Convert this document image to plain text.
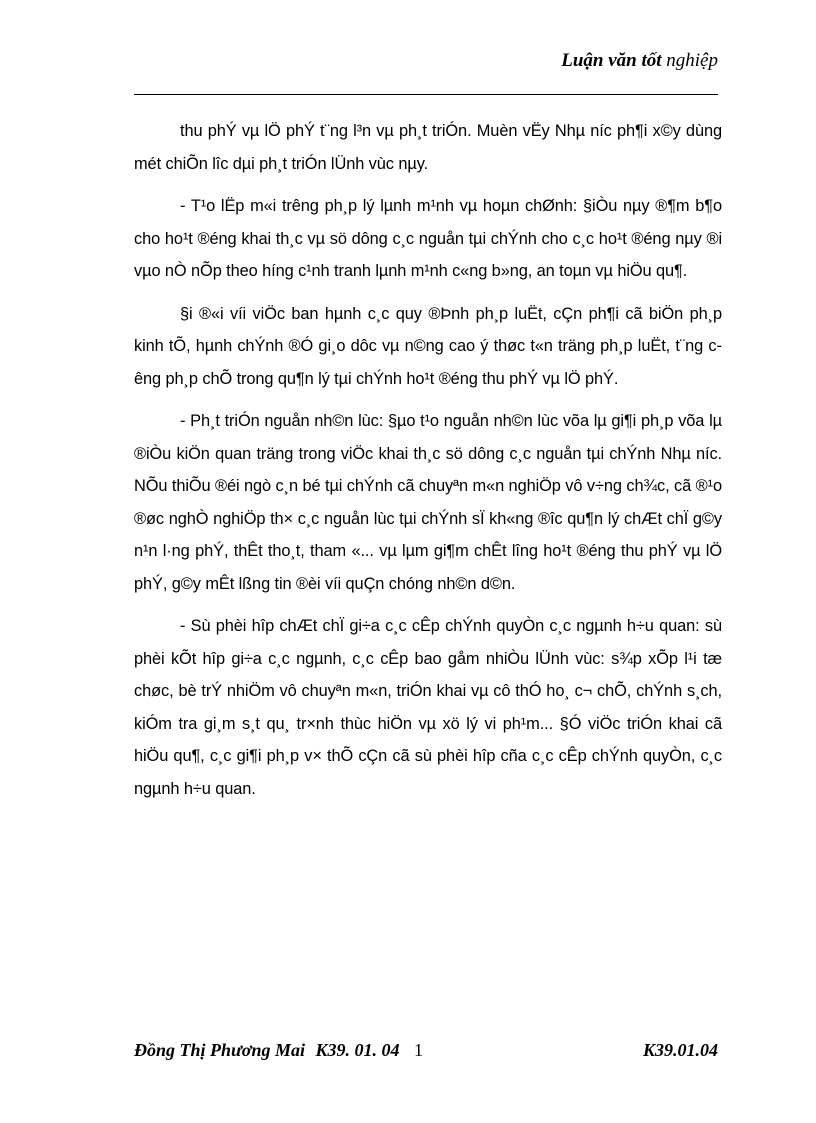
Luận văn tốt nghiệp

thu phÝ vµ lÖ phÝ t¨ng l³n vµ ph¸t triÓn. Muèn vËy Nhµ níc ph¶i x©y dùng mét chiÕn lîc dµi ph¸t triÓn lÜnh vùc nµy.

- T¹o lËp m«i trêng ph¸p lý lµnh m¹nh vµ hoµn chØnh: §iÒu nµy ®¶m b¶o cho ho¹t ®éng khai th¸c vµ sö dông c¸c nguån tµi chÝnh cho c¸c ho¹t ®éng nµy ®i vµo nÒ nÕp theo híng c¹nh tranh lµnh m¹nh c«ng b»ng, an toµn vµ hiÖu qu¶.

§i ®«i víi viÖc ban hµnh c¸c quy ®Þnh ph¸p luËt, cÇn ph¶i cã biÖn ph¸p kinh tÕ, hµnh chÝnh ®Ó gi¸o dôc vµ n©ng cao ý thøc t«n träng ph¸p luËt, t¨ng cêng ph¸p chÕ trong qu¶n lý tµi chÝnh ho¹t ®éng thu phÝ vµ lÖ phÝ.

- Ph¸t triÓn nguån nh©n lùc: §µo t¹o nguån nh©n lùc võa lµ gi¶i ph¸p võa lµ ®iÒu kiÖn quan träng trong viÖc khai th¸c sö dông c¸c nguån tµi chÝnh Nhµ níc. NÕu thiÕu ®éi ngò c¸n bé tµi chÝnh cã chuyªn m«n nghiÖp vô v÷ng ch¾c, cã ®¹o ®øc nghÒ nghiÖp th× c¸c nguån lùc tµi chÝnh sÏ kh«ng ®îc qu¶n lý chÆt chÏ g©y n¹n l·ng phÝ, thÊt tho¸t, tham «... vµ lµm gi¶m chÊt lîng ho¹t ®éng thu phÝ vµ lÖ phÝ, g©y mÊt lßng tin ®èi víi quÇn chóng nh©n d©n.

- Sù phèi hîp chÆt chÏ gi÷a c¸c cÊp chÝnh quyÒn c¸c ngµnh h÷u quan: sù phèi kÕt hîp gi÷a c¸c ngµnh, c¸c cÊp bao gåm nhiÒu lÜnh vùc: s¾p xÕp l¹i tæ chøc, bè trÝ nhiÖm vô chuyªn m«n, triÓn khai vµ cô thÓ ho¸ c¬ chÕ, chÝnh s¸ch, kiÓm tra gi¸m s¸t qu¸ tr×nh thùc hiÖn vµ xö lý vi ph¹m... §Ó viÖc triÓn khai cã hiÖu qu¶, c¸c gi¶i ph¸p v× thÕ cÇn cã sù phèi hîp cña c¸c cÊp chÝnh quyÒn, c¸c ngµnh h÷u quan.

Đồng Thị Phương Mai K39. 01. 04 1	K39.01.04
